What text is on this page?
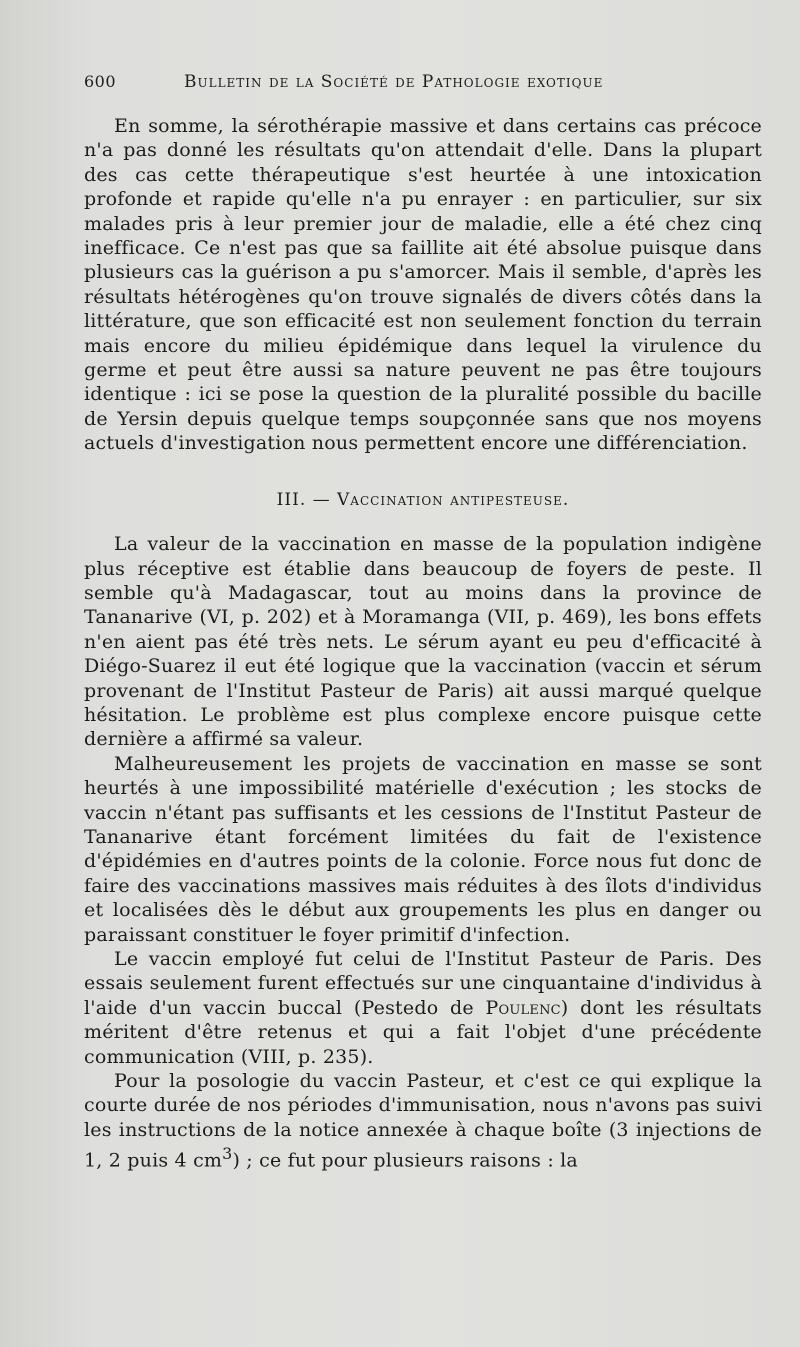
600	Bulletin de la Société de Pathologie exotique

En somme, la sérothérapie massive et dans certains cas précoce n'a pas donné les résultats qu'on attendait d'elle. Dans la plupart des cas cette thérapeutique s'est heurtée à une intoxication profonde et rapide qu'elle n'a pu enrayer : en particulier, sur six malades pris à leur premier jour de maladie, elle a été chez cinq inefficace. Ce n'est pas que sa faillite ait été absolue puisque dans plusieurs cas la guérison a pu s'amorcer. Mais il semble, d'après les résultats hétérogènes qu'on trouve signalés de divers côtés dans la littérature, que son efficacité est non seulement fonction du terrain mais encore du milieu épidémique dans lequel la virulence du germe et peut être aussi sa nature peuvent ne pas être toujours identique : ici se pose la question de la pluralité possible du bacille de Yersin depuis quelque temps soupçonnée sans que nos moyens actuels d'investigation nous permettent encore une différenciation.

III. — Vaccination antipesteuse.

La valeur de la vaccination en masse de la population indigène plus réceptive est établie dans beaucoup de foyers de peste. Il semble qu'à Madagascar, tout au moins dans la province de Tananarive (VI, p. 202) et à Moramanga (VII, p. 469), les bons effets n'en aient pas été très nets. Le sérum ayant eu peu d'efficacité à Diégo-Suarez il eut été logique que la vaccination (vaccin et sérum provenant de l'Institut Pasteur de Paris) ait aussi marqué quelque hésitation. Le problème est plus complexe encore puisque cette dernière a affirmé sa valeur.

Malheureusement les projets de vaccination en masse se sont heurtés à une impossibilité matérielle d'exécution ; les stocks de vaccin n'étant pas suffisants et les cessions de l'Institut Pasteur de Tananarive étant forcément limitées du fait de l'existence d'épidémies en d'autres points de la colonie. Force nous fut donc de faire des vaccinations massives mais réduites à des îlots d'individus et localisées dès le début aux groupements les plus en danger ou paraissant constituer le foyer primitif d'infection.

Le vaccin employé fut celui de l'Institut Pasteur de Paris. Des essais seulement furent effectués sur une cinquantaine d'individus à l'aide d'un vaccin buccal (Pestedo de Poulenc) dont les résultats méritent d'être retenus et qui a fait l'objet d'une précédente communication (VIII, p. 235).

Pour la posologie du vaccin Pasteur, et c'est ce qui explique la courte durée de nos périodes d'immunisation, nous n'avons pas suivi les instructions de la notice annexée à chaque boîte (3 injections de 1, 2 puis 4 $cm^3$) ; ce fut pour plusieurs raisons : la
